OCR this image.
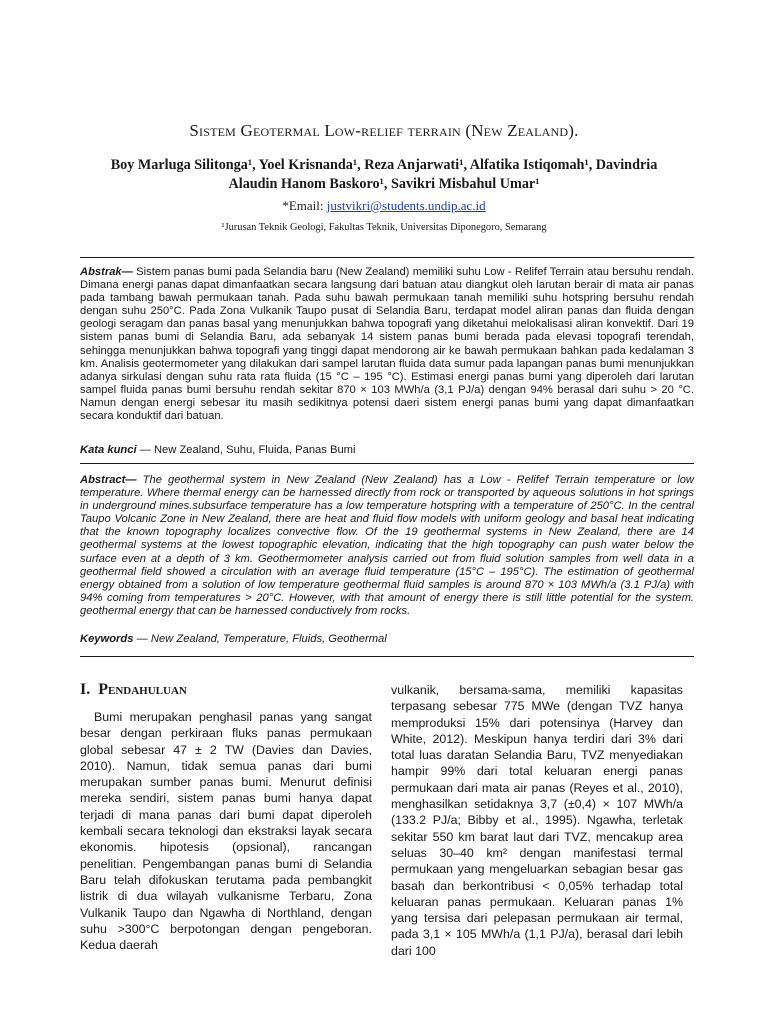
Sistem Geotermal Low-relief terrain (New Zealand).
Boy Marluga Silitonga¹, Yoel Krisnanda¹, Reza Anjarwati¹, Alfatika Istiqomah¹, Davindria
Alaudin Hanom Baskoro¹, Savikri Misbahul Umar¹
*Email: justvikri@students.undip.ac.id
¹Jurusan Teknik Geologi, Fakultas Teknik, Universitas Diponegoro, Semarang
Abstrak— Sistem panas bumi pada Selandia baru (New Zealand) memiliki suhu Low - Relifef Terrain atau bersuhu rendah. Dimana energi panas dapat dimanfaatkan secara langsung dari batuan atau diangkut oleh larutan berair di mata air panas pada tambang bawah permukaan tanah. Pada suhu bawah permukaan tanah memiliki suhu hotspring bersuhu rendah dengan suhu 250°C. Pada Zona Vulkanik Taupo pusat di Selandia Baru, terdapat model aliran panas dan fluida dengan geologi seragam dan panas basal yang menunjukkan bahwa topografi yang diketahui melokalisasi aliran konvektif. Dari 19 sistem panas bumi di Selandia Baru, ada sebanyak 14 sistem panas bumi berada pada elevasi topografi terendah, sehingga menunjukkan bahwa topografi yang tinggi dapat mendorong air ke bawah permukaan bahkan pada kedalaman 3 km. Analisis geotermometer yang dilakukan dari sampel larutan fluida data sumur pada lapangan panas bumi menunjukkan adanya sirkulasi dengan suhu rata rata fluida (15 °C – 195 °C). Estimasi energi panas bumi yang diperoleh dari larutan sampel fluida panas bumi bersuhu rendah sekitar 870 × 103 MWh/a (3,1 PJ/a) dengan 94% berasal dari suhu > 20 °C. Namun dengan energi sebesar itu masih sedikitnya potensi daeri sistem energi panas bumi yang dapat dimanfaatkan secara konduktif dari batuan.
Kata kunci — New Zealand, Suhu, Fluida, Panas Bumi
Abstract— The geothermal system in New Zealand (New Zealand) has a Low - Relifef Terrain temperature or low temperature. Where thermal energy can be harnessed directly from rock or transported by aqueous solutions in hot springs in underground mines.subsurface temperature has a low temperature hotspring with a temperature of 250°C. In the central Taupo Volcanic Zone in New Zealand, there are heat and fluid flow models with uniform geology and basal heat indicating that the known topography localizes convective flow. Of the 19 geothermal systems in New Zealand, there are 14 geothermal systems at the lowest topographic elevation, indicating that the high topography can push water below the surface even at a depth of 3 km. Geothermometer analysis carried out from fluid solution samples from well data in a geothermal field showed a circulation with an average fluid temperature (15°C – 195°C). The estimation of geothermal energy obtained from a solution of low temperature geothermal fluid samples is around 870 × 103 MWh/a (3.1 PJ/a) with 94% coming from temperatures > 20°C. However, with that amount of energy there is still little potential for the system. geothermal energy that can be harnessed conductively from rocks.
Keywords — New Zealand, Temperature, Fluids, Geothermal
I. Pendahuluan

Bumi merupakan penghasil panas yang sangat besar dengan perkiraan fluks panas permukaan global sebesar 47 ± 2 TW (Davies dan Davies, 2010). Namun, tidak semua panas dari bumi merupakan sumber panas bumi. Menurut definisi mereka sendiri, sistem panas bumi hanya dapat terjadi di mana panas dari bumi dapat diperoleh kembali secara teknologi dan ekstraksi layak secara ekonomis. hipotesis (opsional), rancangan penelitian. Pengembangan panas bumi di Selandia Baru telah difokuskan terutama pada pembangkit listrik di dua wilayah vulkanisme Terbaru, Zona Vulkanik Taupo dan Ngawha di Northland, dengan suhu >300°C berpotongan dengan pengeboran. Kedua daerah

vulkanik, bersama-sama, memiliki kapasitas terpasang sebesar 775 MWe (dengan TVZ hanya memproduksi 15% dari potensinya (Harvey dan White, 2012). Meskipun hanya terdiri dari 3% dari total luas daratan Selandia Baru, TVZ menyediakan hampir 99% dari total keluaran energi panas permukaan dari mata air panas (Reyes et al., 2010), menghasilkan setidaknya 3,7 (±0,4) × 107 MWh/a (133.2 PJ/a; Bibby et al., 1995). Ngawha, terletak sekitar 550 km barat laut dari TVZ, mencakup area seluas 30–40 km² dengan manifestasi termal permukaan yang mengeluarkan sebagian besar gas basah dan berkontribusi < 0,05% terhadap total keluaran panas permukaan. Keluaran panas 1% yang tersisa dari pelepasan permukaan air termal, pada 3,1 × 105 MWh/a (1,1 PJ/a), berasal dari lebih dari 100
